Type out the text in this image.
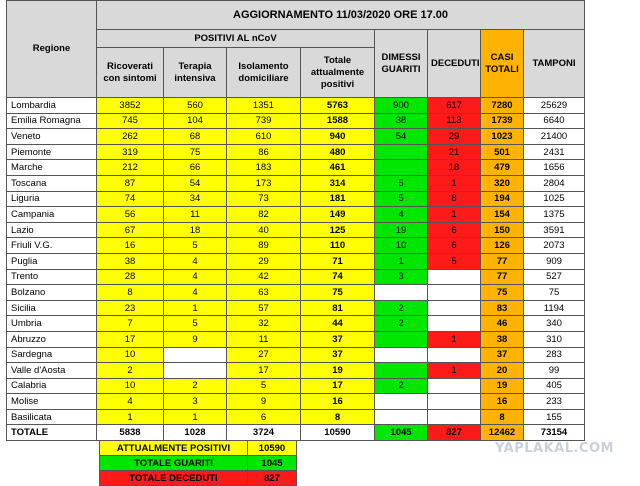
Regione	AGGIORNAMENTO 11/03/2020 ORE 17.00							
	POSITIVI AL nCoV				DIMESSI GUARITI	DECEDUTI	CASI TOTALI	TAMPONI
	Ricoverati con sintomi	Terapia intensiva	Isolamento domiciliare	Totale attualmente positivi				
Lombardia	3852	560	1351	5763	900	617	7280	25629
Emilia Romagna	745	104	739	1588	38	113	1739	6640
Veneto	262	68	610	940	54	29	1023	21400
Piemonte	319	75	86	480		21	501	2431
Marche	212	66	183	461		18	479	1656
Toscana	87	54	173	314	5	1	320	2804
Liguria	74	34	73	181	5	8	194	1025
Campania	56	11	82	149	4	1	154	1375
Lazio	67	18	40	125	19	6	150	3591
Friuli V.G.	16	5	89	110	10	6	126	2073
Puglia	38	4	29	71	1	5	77	909
Trento	28	4	42	74	3		77	527
Bolzano	8	4	63	75			75	75
Sicilia	23	1	57	81	2		83	1194
Umbria	7	5	32	44	2		46	340
Abruzzo	17	9	11	37		1	38	310
Sardegna	10		27	37			37	283
Valle d'Aosta	2		17	19		1	20	99
Calabria	10	2	5	17	2		19	405
Molise	4	3	9	16			16	233
Basilicata	1	1	6	8			8	155
TOTALE	5838	1028	3724	10590	1045	827	12462	73154
ATTUALMENTE POSITIVI	10590
TOTALE GUARITI	1045
TOTALE DECEDUTI	827
YAPLAKAL.COM
